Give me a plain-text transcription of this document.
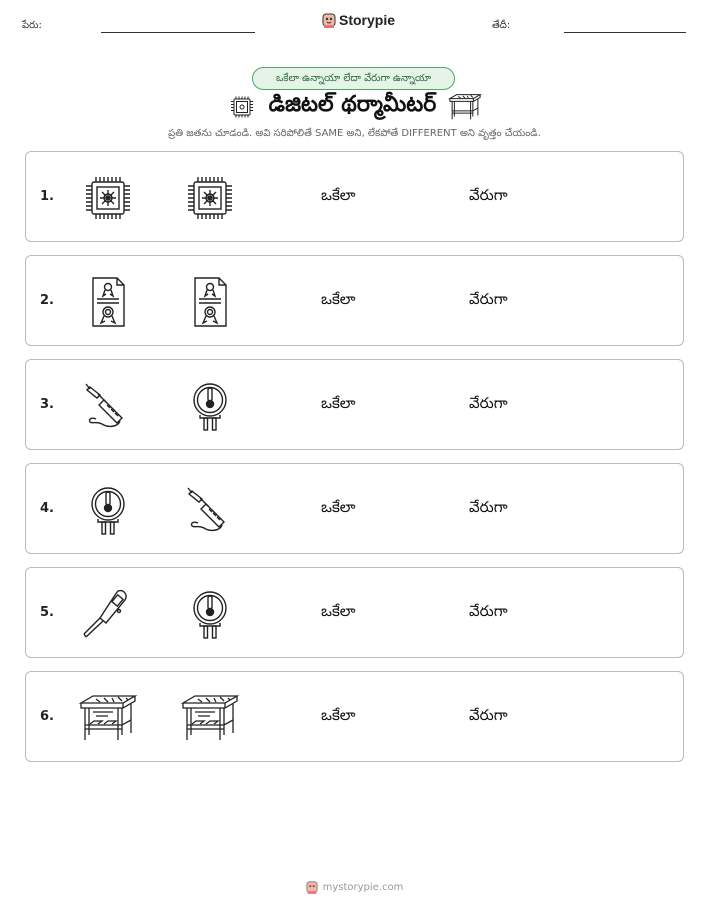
పేరు:	Storypie	తేదీ:
ఒకేలా ఉన్నాయా లేదా వేరుగా ఉన్నాయా
డిజిటల్ థర్మామీటర్
ప్రతి జతను చూడండి. అవి సరిపోలితే SAME అని, లేకపోతే DIFFERENT అని వృత్తం చేయండి.
1.	ఒకేలా	వేరుగా
2.	ఒకేలా	వేరుగా
3.	ఒకేలా	వేరుగా
4.	ఒకేలా	వేరుగా
5.	ఒకేలా	వేరుగా
6.	ఒకేలా	వేరుగా
mystorypie.com
